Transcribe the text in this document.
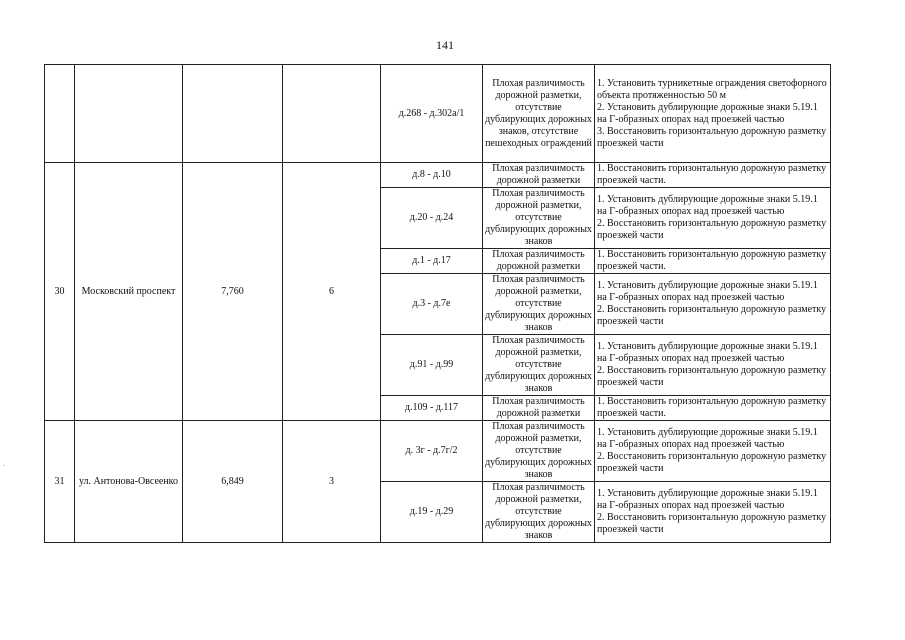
141
.
				д.268 - д.302а/1	Плохая различимость дорожной разметки, отсутствие дублирующих дорожных знаков, отсутствие пешеходных ограждений	1. Установить турникетные ограждения светофорного объекта протяженностью 50 м
2. Установить дублирующие дорожные знаки 5.19.1 на Г-образных опорах над проезжей частью
3. Восстановить горизонтальную дорожную разметку проезжей части

30	Московский проспект	7,760	6	д.8 - д.10	Плохая различимость дорожной разметки	1. Восстановить горизонтальную дорожную разметку проезжей части.

				д.20 - д.24	Плохая различимость дорожной разметки, отсутствие дублирующих дорожных знаков	1. Установить дублирующие дорожные знаки 5.19.1 на Г-образных опорах над проезжей частью
2. Восстановить горизонтальную дорожную разметку проезжей части

				д.1 - д.17	Плохая различимость дорожной разметки	1. Восстановить горизонтальную дорожную разметку проезжей части.

				д.3 - д.7е	Плохая различимость дорожной разметки, отсутствие дублирующих дорожных знаков	1. Установить дублирующие дорожные знаки 5.19.1 на Г-образных опорах над проезжей частью
2. Восстановить горизонтальную дорожную разметку проезжей части

				д.91 - д.99	Плохая различимость дорожной разметки, отсутствие дублирующих дорожных знаков	1. Установить дублирующие дорожные знаки 5.19.1 на Г-образных опорах над проезжей частью
2. Восстановить горизонтальную дорожную разметку проезжей части

				д.109 - д.117	Плохая различимость дорожной разметки	1. Восстановить горизонтальную дорожную разметку проезжей части.

31	ул. Антонова-Овсеенко	6,849	3	д. 3г - д.7г/2	Плохая различимость дорожной разметки, отсутствие дублирующих дорожных знаков	1. Установить дублирующие дорожные знаки 5.19.1 на Г-образных опорах над проезжей частью
2. Восстановить горизонтальную дорожную разметку проезжей части

				д.19 - д.29	Плохая различимость дорожной разметки, отсутствие дублирующих дорожных знаков	1. Установить дублирующие дорожные знаки 5.19.1 на Г-образных опорах над проезжей частью
2. Восстановить горизонтальную дорожную разметку проезжей части
